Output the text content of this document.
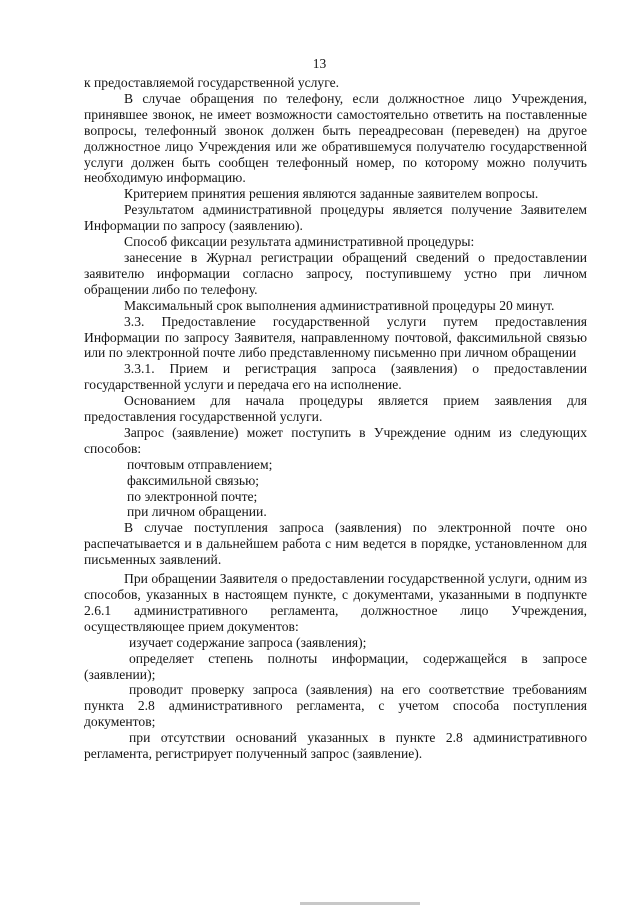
13

к предоставляемой государственной услуге.

В случае обращения по телефону, если должностное лицо Учреждения, принявшее звонок, не имеет возможности самостоятельно ответить на поставленные вопросы, телефонный звонок должен быть переадресован (переведен) на другое должностное лицо Учреждения или же обратившемуся получателю государственной услуги должен быть сообщен телефонный номер, по которому можно получить необходимую информацию.

Критерием принятия решения являются заданные заявителем вопросы.

Результатом административной процедуры является получение Заявителем Информации по запросу (заявлению).

Способ фиксации результата административной процедуры:

занесение в Журнал регистрации обращений сведений о предоставлении заявителю информации согласно запросу, поступившему устно при личном обращении либо по телефону.

Максимальный срок выполнения административной процедуры 20 минут.

3.3. Предоставление государственной услуги путем предоставления Информации по запросу Заявителя, направленному почтовой, факсимильной связью или по электронной почте либо представленному письменно при личном обращении

3.3.1. Прием и регистрация запроса (заявления) о предоставлении государственной услуги и передача его на исполнение.

Основанием для начала процедуры является прием заявления для предоставления государственной услуги.

Запрос (заявление) может поступить в Учреждение одним из следующих способов:

почтовым отправлением;

факсимильной связью;

по электронной почте;

при личном обращении.

В случае поступления запроса (заявления) по электронной почте оно распечатывается и в дальнейшем работа с ним ведется в порядке, установленном для письменных заявлений.

При обращении Заявителя о предоставлении государственной услуги, одним из способов, указанных в настоящем пункте, с документами, указанными в подпункте 2.6.1 административного регламента, должностное лицо Учреждения, осуществляющее прием документов:

изучает содержание запроса (заявления);

определяет степень полноты информации, содержащейся в запросе (заявлении);

проводит проверку запроса (заявления) на его соответствие требованиям пункта 2.8 административного регламента, с учетом способа поступления документов;

при отсутствии оснований указанных в пункте 2.8 административного регламента, регистрирует полученный запрос (заявление).
